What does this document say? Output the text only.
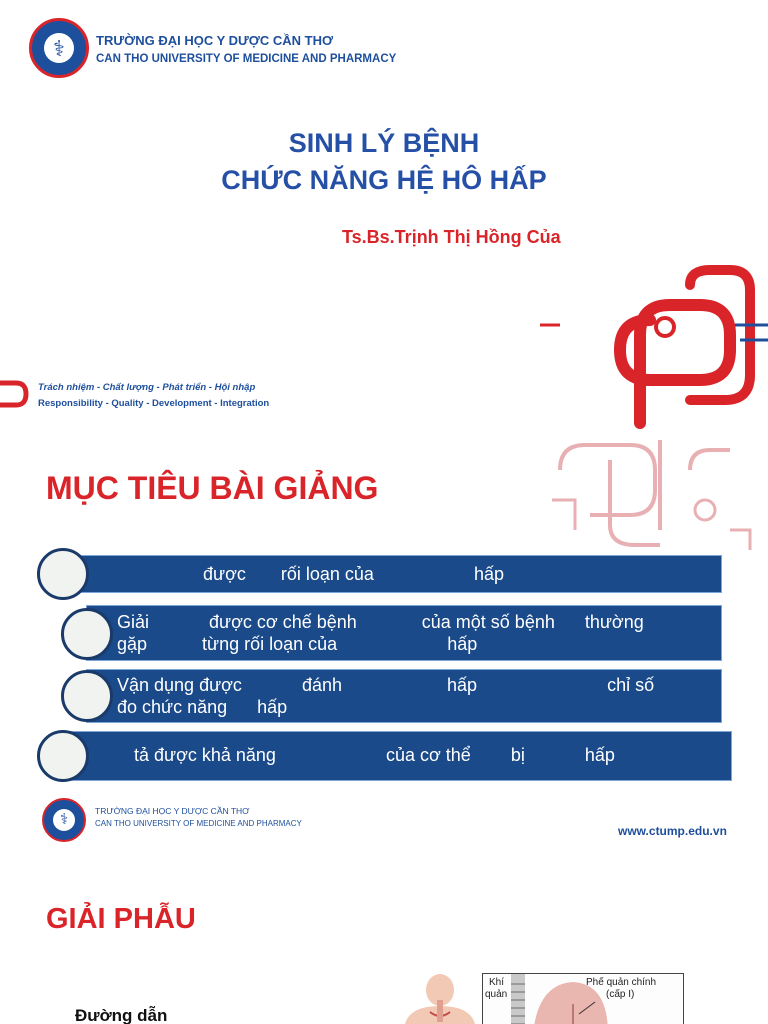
⚕	TRƯỜNG ĐẠI HỌC Y DƯỢC CẦN THƠ
CAN THO UNIVERSITY OF MEDICINE AND PHARMACY
SINH LÝ BỆNH
CHỨC NĂNG HỆ HÔ HẤP
Ts.Bs.Trịnh Thị Hồng Của
Trách nhiệm - Chất lượng - Phát triển - Hội nhập
Responsibility - Quality - Development - Integration
MỤC TIÊU BÀI GIẢNG
được       rối loạn của                    hấp
Giải            được cơ chế bệnh             của một số bệnh      thường
gặp           từng rối loạn của                      hấp
Vận dụng được            đánh                     hấp                          chỉ số
đo chức năng      hấp
tả được khả năng                      của cơ thể        bị            hấp
⚕	TRƯỜNG ĐẠI HỌC Y DƯỢC CẦN THƠ
CAN THO UNIVERSITY OF MEDICINE AND PHARMACY
www.ctump.edu.vn
GIẢI PHẪU
Đường dẫn
Khí
quản
Phế quản chính
(cấp I)
